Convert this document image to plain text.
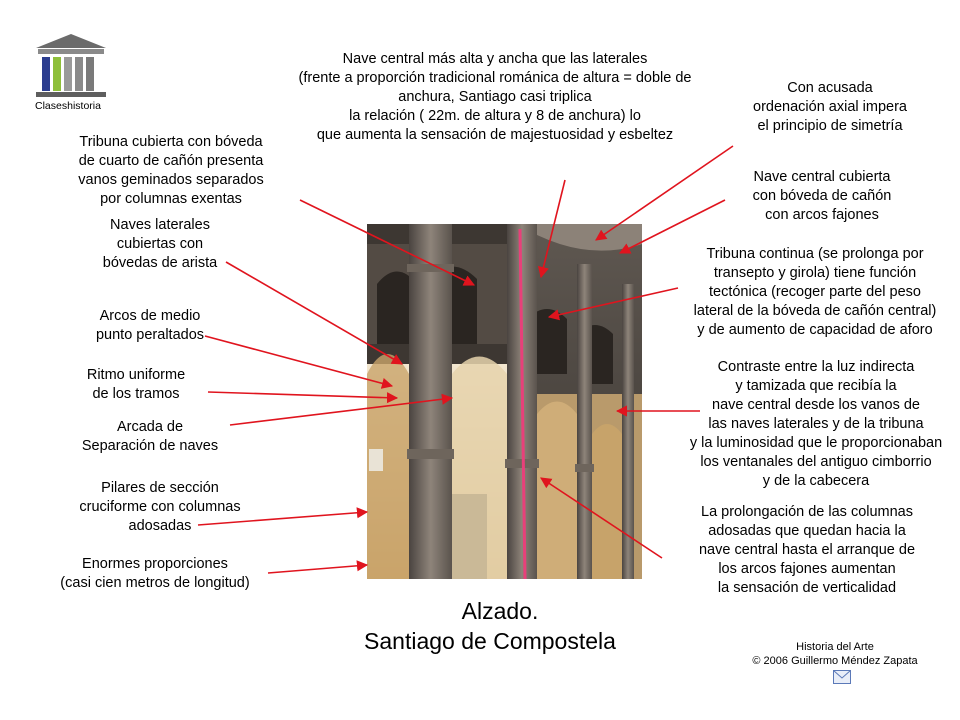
Claseshistoria
Nave central más alta y ancha que las laterales
(frente a proporción tradicional románica de altura = doble de
anchura, Santiago casi triplica
la relación ( 22m. de altura y 8 de anchura) lo
que aumenta la sensación de majestuosidad y esbeltez
Con acusada
ordenación axial impera
el principio de simetría
Tribuna cubierta con bóveda
de cuarto de cañón presenta
vanos geminados separados
por columnas exentas
Nave central cubierta
con bóveda de cañón
con arcos fajones
Naves laterales
cubiertas con
bóvedas de arista
Tribuna continua (se prolonga por
transepto y girola) tiene función
tectónica (recoger parte del peso
lateral de la bóveda de cañón central)
y de aumento de capacidad de aforo
Arcos de medio
punto peraltados
Contraste entre la luz indirecta
y tamizada que recibía la
nave central desde los vanos de
las naves laterales y de la tribuna
y la luminosidad que le proporcionaban
los ventanales del antiguo cimborrio
y de la cabecera
Ritmo uniforme
de los tramos
Arcada de
Separación de naves
Pilares de sección
cruciforme con columnas
adosadas
La prolongación de las columnas
adosadas que quedan hacia la
nave central hasta el arranque de
los arcos fajones aumentan
la sensación de verticalidad
Enormes proporciones
(casi cien metros de longitud)
Alzado.
Santiago de Compostela	Historia del Arte
© 2006 Guillermo Méndez Zapata
